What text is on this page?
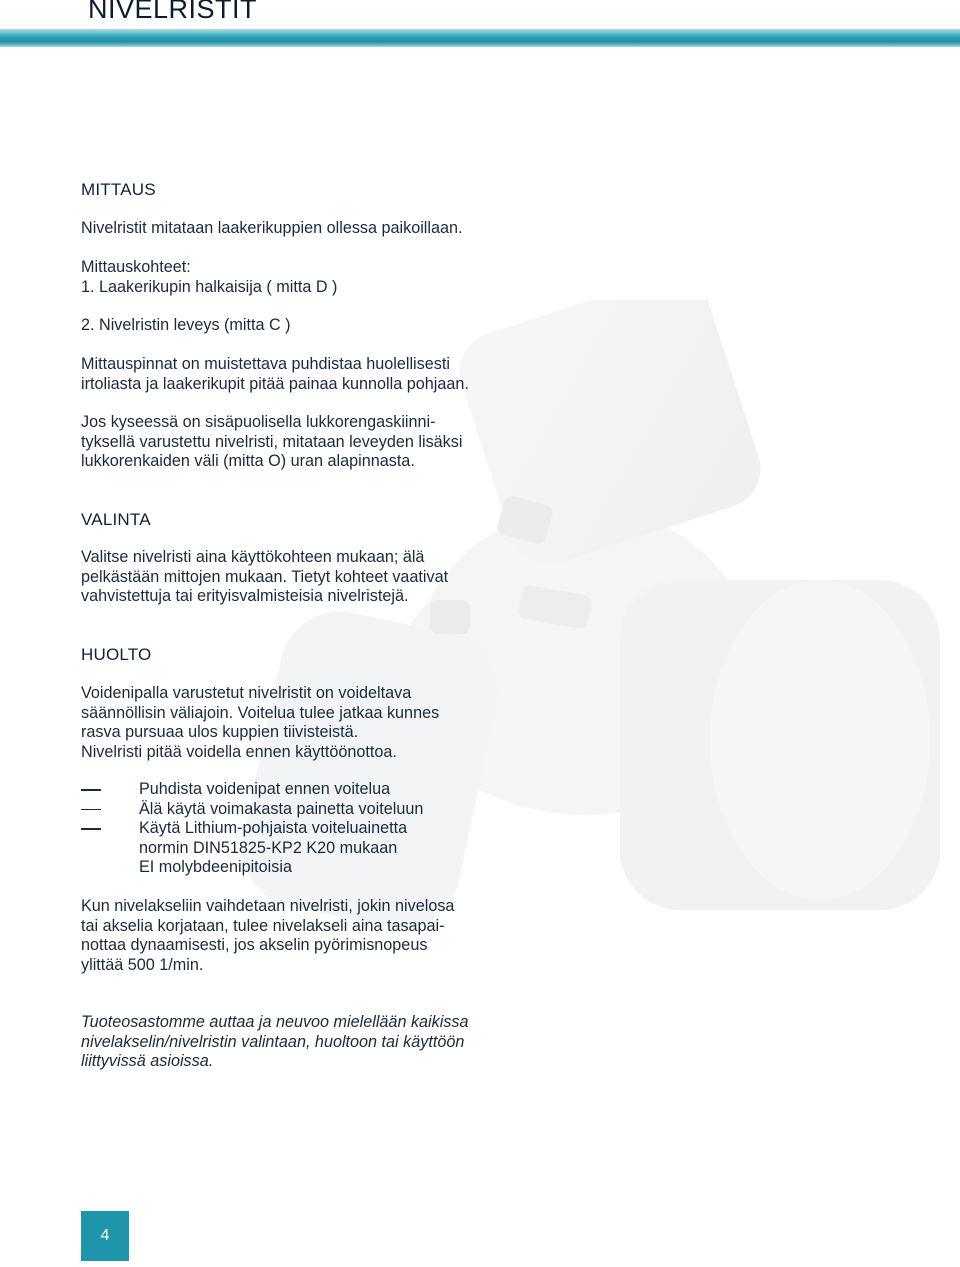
NIVELRISTIT
MITTAUS

Nivelristit mitataan laakerikuppien ollessa paikoillaan.

Mittauskohteet:
1. Laakerikupin halkaisija ( mitta D )

2. Nivelristin leveys (mitta C )

Mittauspinnat on muistettava puhdistaa huolellisesti
irtoliasta ja laakerikupit pitää painaa kunnolla pohjaan.

Jos kyseessä on sisäpuolisella lukkorengaskiinni-
tyksellä varustettu nivelristi, mitataan leveyden lisäksi
lukkorenkaiden väli (mitta O) uran alapinnasta.

VALINTA

Valitse nivelristi aina käyttökohteen mukaan; älä
pelkästään mittojen mukaan. Tietyt kohteet vaativat
vahvistettuja tai erityisvalmisteisia nivelristejä.

HUOLTO

Voidenipalla varustetut nivelristit on voideltava
säännöllisin väliajoin. Voitelua tulee jatkaa kunnes
rasva pursuaa ulos kuppien tiivisteistä.
Nivelristi pitää voidella ennen käyttöönottoa.

Puhdista voidenipat ennen voitelua
Älä käytä voimakasta painetta voiteluun
Käytä Lithium-pohjaista voiteluainetta
normin DIN51825-KP2 K20 mukaan
EI molybdeenipitoisia

Kun nivelakseliin vaihdetaan nivelristi, jokin nivelosa
tai akselia korjataan, tulee nivelakseli aina tasapai-
nottaa dynaamisesti, jos akselin pyörimisnopeus
ylittää 500 1/min.

Tuoteosastomme auttaa ja neuvoo mielellään kaikissa
nivelakselin/nivelristin valintaan, huoltoon tai käyttöön
liittyvissä asioissa.

4
